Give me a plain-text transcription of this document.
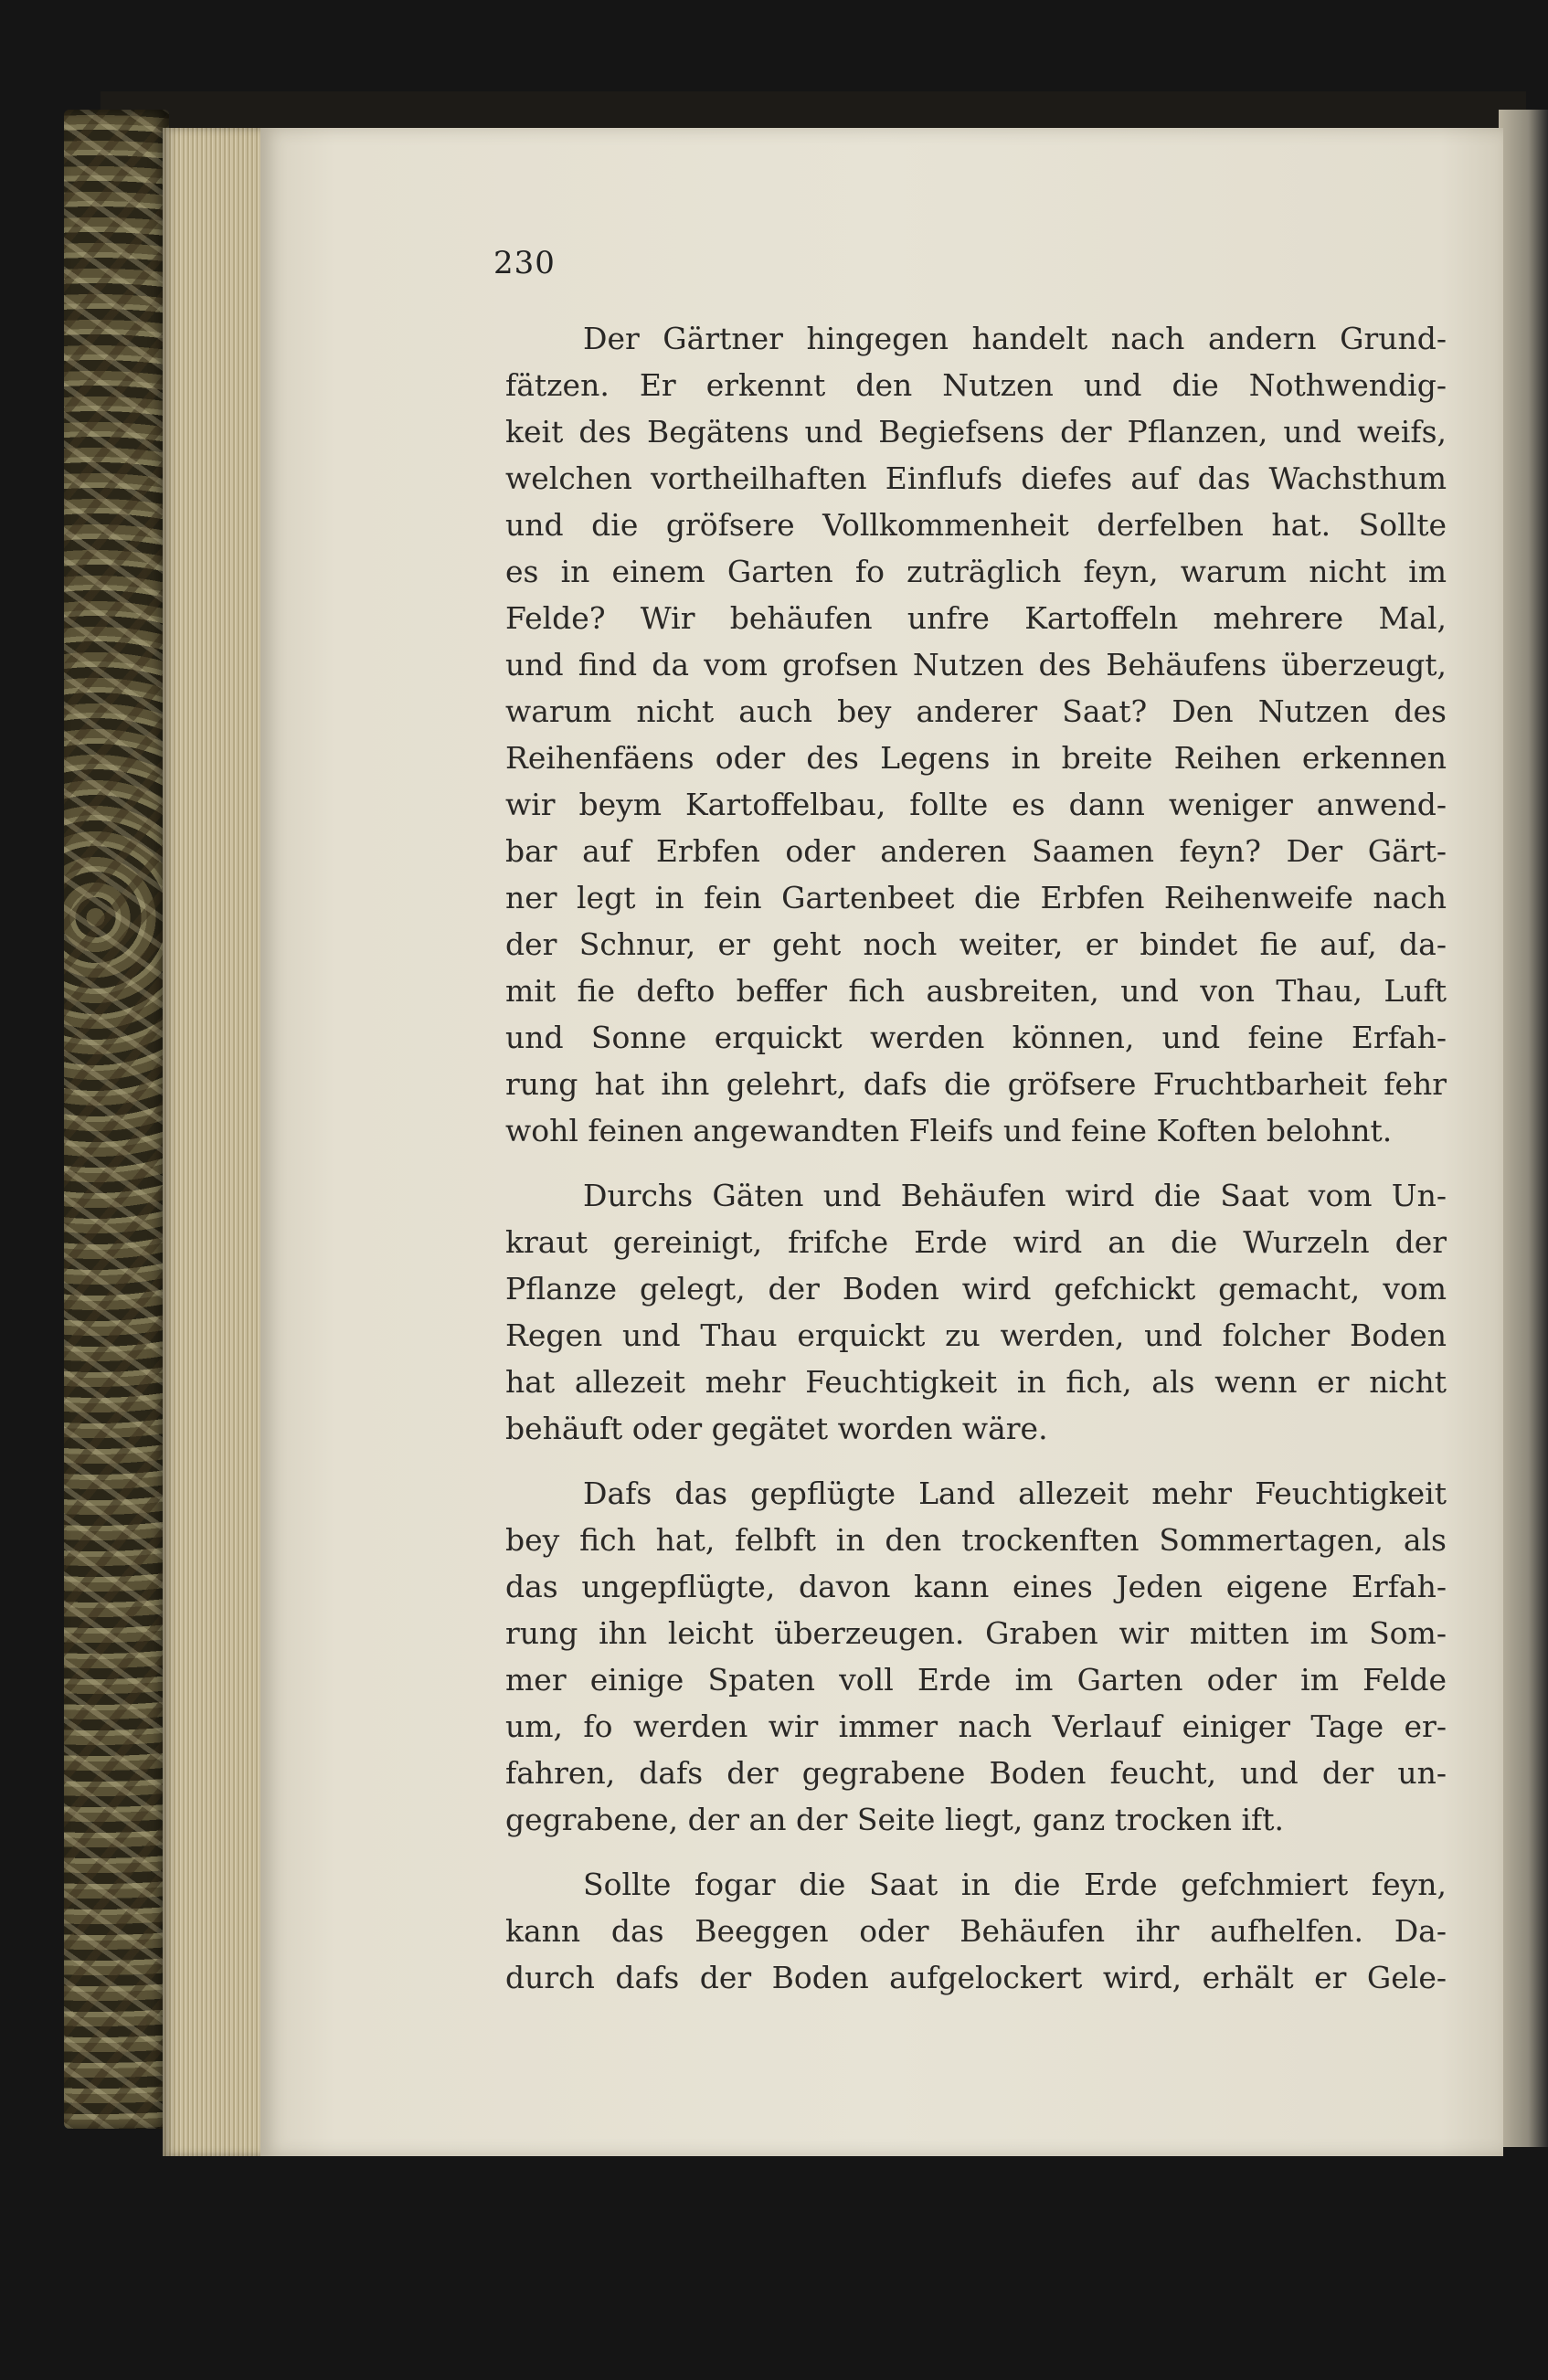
230
Der Gärtner hingegen handelt nach andern Grund-
fätzen. Er erkennt den Nutzen und die Nothwendig-
keit des Begätens und Begiefsens der Pflanzen, und weifs,
welchen vortheilhaften Einflufs diefes auf das Wachsthum
und die gröfsere Vollkommenheit derfelben hat. Sollte
es in einem Garten fo zuträglich feyn, warum nicht im
Felde? Wir behäufen unfre Kartoffeln mehrere Mal,
und find da vom grofsen Nutzen des Behäufens überzeugt,
warum nicht auch bey anderer Saat? Den Nutzen des
Reihenfäens oder des Legens in breite Reihen erkennen
wir beym Kartoffelbau, follte es dann weniger anwend-
bar auf Erbfen oder anderen Saamen feyn? Der Gärt-
ner legt in fein Gartenbeet die Erbfen Reihenweife nach
der Schnur, er geht noch weiter, er bindet fie auf, da-
mit fie defto beffer fich ausbreiten, und von Thau, Luft
und Sonne erquickt werden können, und feine Erfah-
rung hat ihn gelehrt, dafs die gröfsere Fruchtbarheit fehr
wohl feinen angewandten Fleifs und feine Koften belohnt.
Durchs Gäten und Behäufen wird die Saat vom Un-
kraut gereinigt, frifche Erde wird an die Wurzeln der
Pflanze gelegt, der Boden wird gefchickt gemacht, vom
Regen und Thau erquickt zu werden, und folcher Boden
hat allezeit mehr Feuchtigkeit in fich, als wenn er nicht
behäuft oder gegätet worden wäre.
Dafs das gepflügte Land allezeit mehr Feuchtigkeit
bey fich hat, felbft in den trockenften Sommertagen, als
das ungepflügte, davon kann eines Jeden eigene Erfah-
rung ihn leicht überzeugen. Graben wir mitten im Som-
mer einige Spaten voll Erde im Garten oder im Felde
um, fo werden wir immer nach Verlauf einiger Tage er-
fahren, dafs der gegrabene Boden feucht, und der un-
gegrabene, der an der Seite liegt, ganz trocken ift.
Sollte fogar die Saat in die Erde gefchmiert feyn,
kann das Beeggen oder Behäufen ihr aufhelfen. Da-
durch dafs der Boden aufgelockert wird, erhält er Gele-
